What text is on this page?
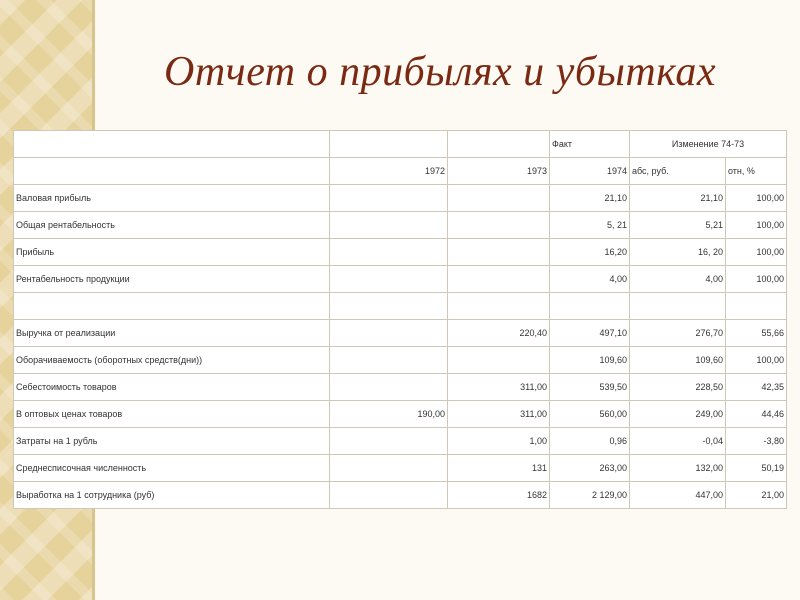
Отчет о прибылях и убытках
			Факт	Изменение 74-73	
	1972	1973	1974	абс, руб.	отн, %
Валовая прибыль			21,10	21,10	100,00
Общая рентабельность			5, 21	5,21	100,00
Прибыль			16,20	16, 20	100,00
Рентабельность продукции			4,00	4,00	100,00

Выручка от реализации		220,40	497,10	276,70	55,66
Оборачиваемость (оборотных средств(дни))			109,60	109,60	100,00
Себестоимость товаров		311,00	539,50	228,50	42,35
В оптовых ценах товаров	190,00	311,00	560,00	249,00	44,46
Затраты на 1 рубль		1,00	0,96	-0,04	-3,80
Среднесписочная численность		131	263,00	132,00	50,19
Выработка на 1 сотрудника (руб)		1682	2 129,00	447,00	21,00
